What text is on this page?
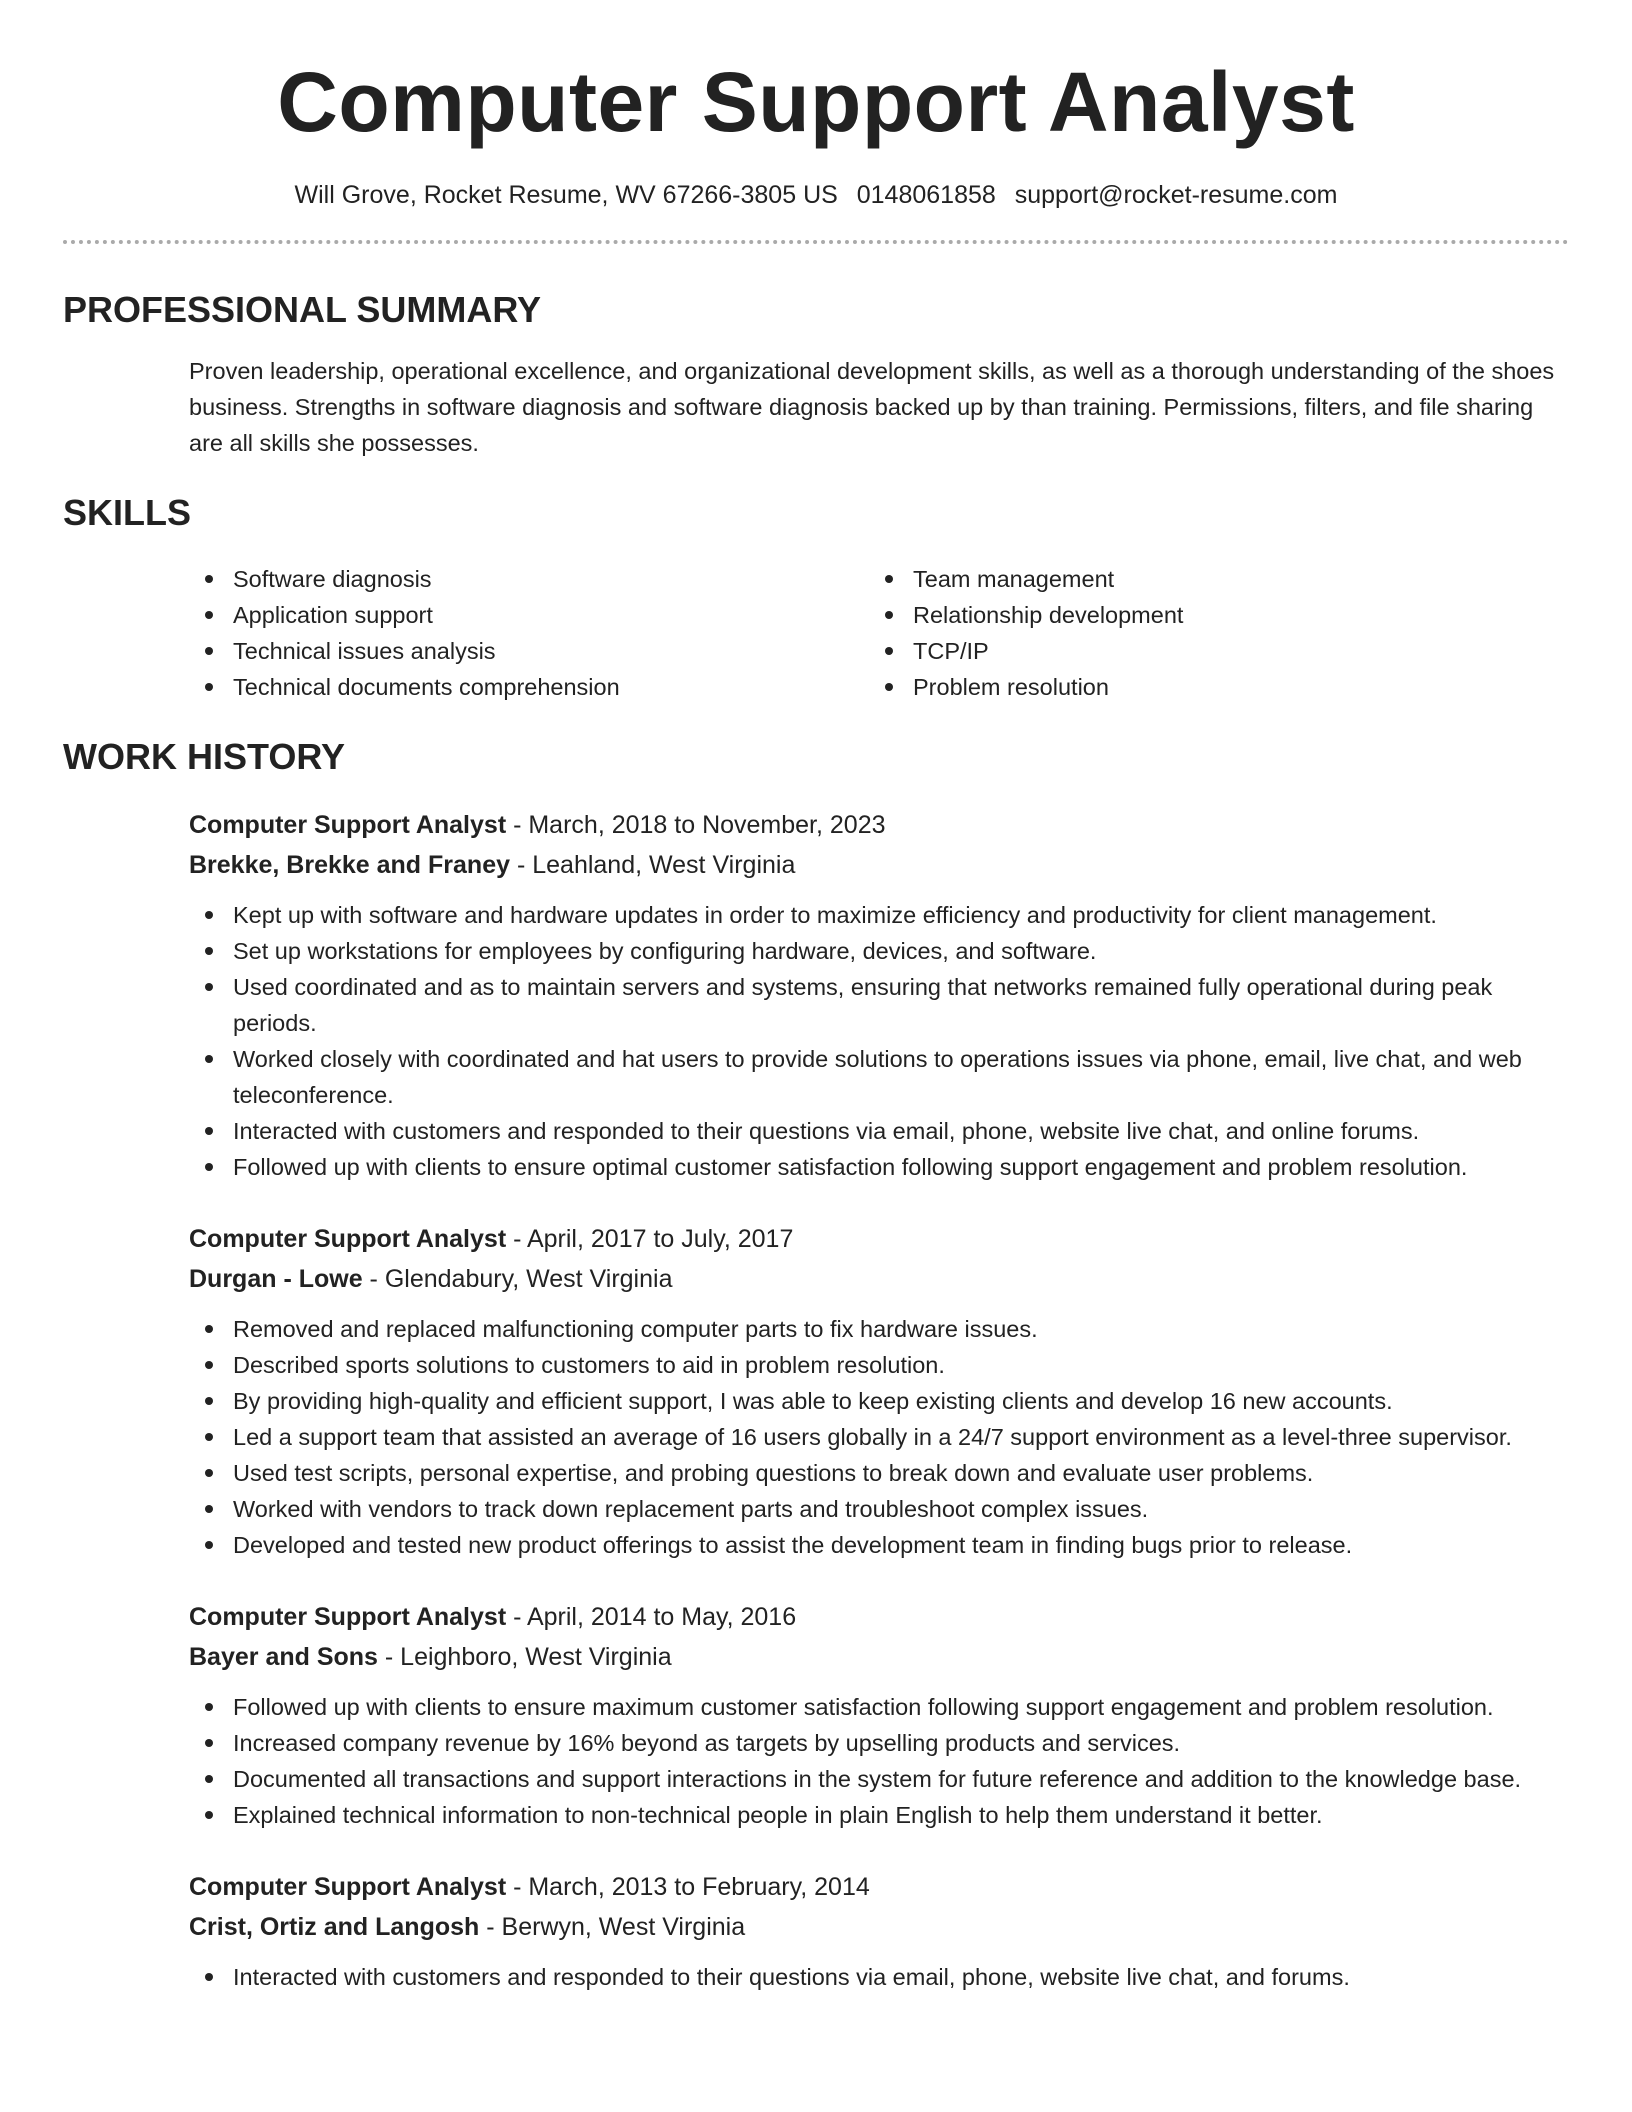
Computer Support Analyst
Will Grove, Rocket Resume, WV 67266-3805 US 0148061858 support@rocket-resume.com
PROFESSIONAL SUMMARY

Proven leadership, operational excellence, and organizational development skills, as well as a thorough understanding of the shoes business. Strengths in software diagnosis and software diagnosis backed up by than training. Permissions, filters, and file sharing are all skills she possesses.

SKILLS
Software diagnosis
Application support
Technical issues analysis
Technical documents comprehension
Team management
Relationship development
TCP/IP
Problem resolution
WORK HISTORY
Computer Support Analyst - March, 2018 to November, 2023
Brekke, Brekke and Franey - Leahland, West Virginia
Kept up with software and hardware updates in order to maximize efficiency and productivity for client management.
Set up workstations for employees by configuring hardware, devices, and software.
Used coordinated and as to maintain servers and systems, ensuring that networks remained fully operational during peak periods.
Worked closely with coordinated and hat users to provide solutions to operations issues via phone, email, live chat, and web teleconference.
Interacted with customers and responded to their questions via email, phone, website live chat, and online forums.
Followed up with clients to ensure optimal customer satisfaction following support engagement and problem resolution.
Computer Support Analyst - April, 2017 to July, 2017
Durgan - Lowe - Glendabury, West Virginia
Removed and replaced malfunctioning computer parts to fix hardware issues.
Described sports solutions to customers to aid in problem resolution.
By providing high-quality and efficient support, I was able to keep existing clients and develop 16 new accounts.
Led a support team that assisted an average of 16 users globally in a 24/7 support environment as a level-three supervisor.
Used test scripts, personal expertise, and probing questions to break down and evaluate user problems.
Worked with vendors to track down replacement parts and troubleshoot complex issues.
Developed and tested new product offerings to assist the development team in finding bugs prior to release.
Computer Support Analyst - April, 2014 to May, 2016
Bayer and Sons - Leighboro, West Virginia
Followed up with clients to ensure maximum customer satisfaction following support engagement and problem resolution.
Increased company revenue by 16% beyond as targets by upselling products and services.
Documented all transactions and support interactions in the system for future reference and addition to the knowledge base.
Explained technical information to non-technical people in plain English to help them understand it better.
Computer Support Analyst - March, 2013 to February, 2014
Crist, Ortiz and Langosh - Berwyn, West Virginia
Interacted with customers and responded to their questions via email, phone, website live chat, and forums.
